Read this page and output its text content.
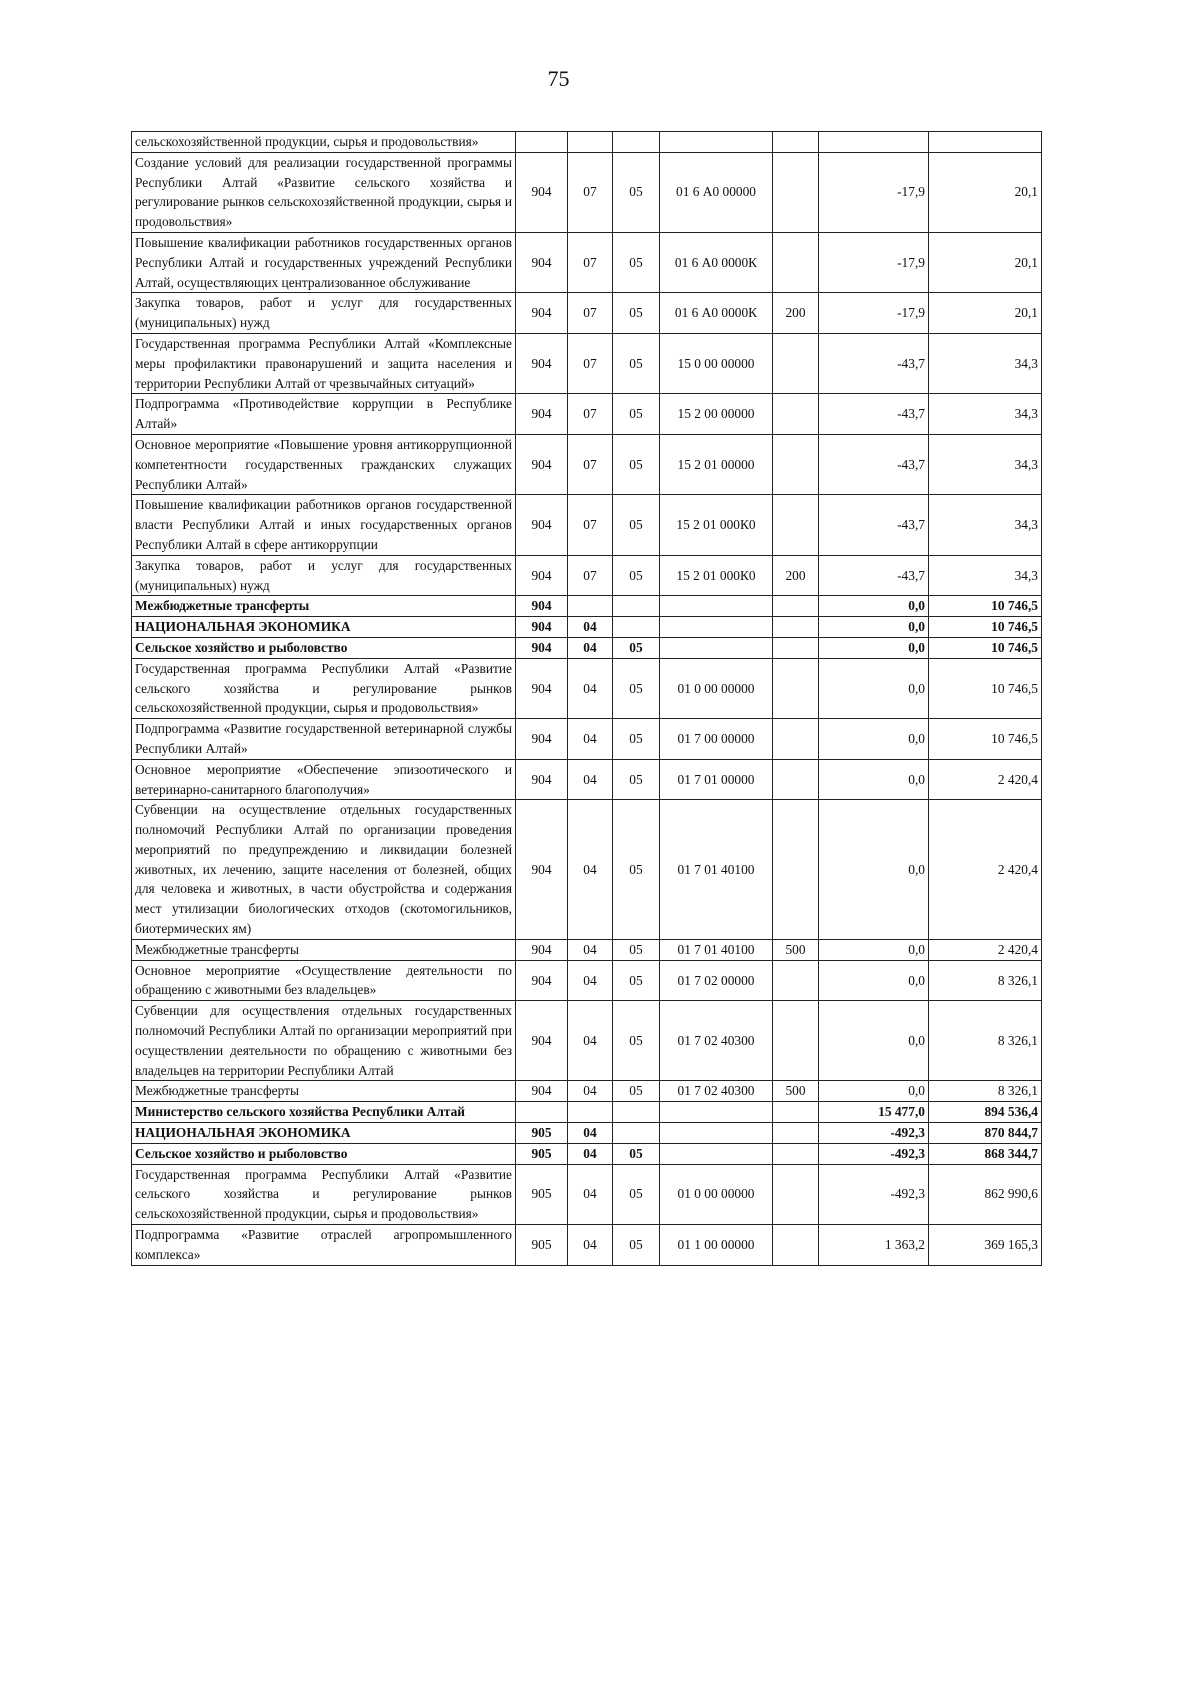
75
сельскохозяйственной продукции, сырья и продовольствия»							
Создание условий для реализации государственной программы Республики Алтай «Развитие сельского хозяйства и регулирование рынков сельскохозяйственной продукции, сырья и продовольствия»	904	07	05	01 6 А0 00000		-17,9	20,1
Повышение квалификации работников государственных органов Республики Алтай и государственных учреждений Республики Алтай, осуществляющих централизованное обслуживание	904	07	05	01 6 А0 0000К		-17,9	20,1
Закупка товаров, работ и услуг для государственных (муниципальных) нужд	904	07	05	01 6 А0 0000К	200	-17,9	20,1
Государственная программа Республики Алтай «Комплексные меры профилактики правонарушений и защита населения и территории Республики Алтай от чрезвычайных ситуаций»	904	07	05	15 0 00 00000		-43,7	34,3
Подпрограмма «Противодействие коррупции в Республике Алтай»	904	07	05	15 2 00 00000		-43,7	34,3
Основное мероприятие «Повышение уровня антикоррупционной компетентности государственных гражданских служащих Республики Алтай»	904	07	05	15 2 01 00000		-43,7	34,3
Повышение квалификации работников органов государственной власти Республики Алтай и иных государственных органов Республики Алтай в сфере антикоррупции	904	07	05	15 2 01 000К0		-43,7	34,3
Закупка товаров, работ и услуг для государственных (муниципальных) нужд	904	07	05	15 2 01 000К0	200	-43,7	34,3
Межбюджетные трансферты	904					0,0	10 746,5
НАЦИОНАЛЬНАЯ ЭКОНОМИКА	904	04				0,0	10 746,5
Сельское хозяйство и рыболовство	904	04	05			0,0	10 746,5
Государственная программа Республики Алтай «Развитие сельского хозяйства и регулирование рынков сельскохозяйственной продукции, сырья и продовольствия»	904	04	05	01 0 00 00000		0,0	10 746,5
Подпрограмма «Развитие государственной ветеринарной службы Республики Алтай»	904	04	05	01 7 00 00000		0,0	10 746,5
Основное мероприятие «Обеспечение эпизоотического и ветеринарно-санитарного благополучия»	904	04	05	01 7 01 00000		0,0	2 420,4
Субвенции на осуществление отдельных государственных полномочий Республики Алтай по организации проведения мероприятий по предупреждению и ликвидации болезней животных, их лечению, защите населения от болезней, общих для человека и животных, в части обустройства и содержания мест утилизации биологических отходов (скотомогильников, биотермических ям)	904	04	05	01 7 01 40100		0,0	2 420,4
Межбюджетные трансферты	904	04	05	01 7 01 40100	500	0,0	2 420,4
Основное мероприятие «Осуществление деятельности по обращению с животными без владельцев»	904	04	05	01 7 02 00000		0,0	8 326,1
Субвенции для осуществления отдельных государственных полномочий Республики Алтай по организации мероприятий при осуществлении деятельности по обращению с животными без владельцев на территории Республики Алтай	904	04	05	01 7 02 40300		0,0	8 326,1
Межбюджетные трансферты	904	04	05	01 7 02 40300	500	0,0	8 326,1
Министерство сельского хозяйства Республики Алтай						15 477,0	894 536,4
НАЦИОНАЛЬНАЯ ЭКОНОМИКА	905	04				-492,3	870 844,7
Сельское хозяйство и рыболовство	905	04	05			-492,3	868 344,7
Государственная программа Республики Алтай «Развитие сельского хозяйства и регулирование рынков сельскохозяйственной продукции, сырья и продовольствия»	905	04	05	01 0 00 00000		-492,3	862 990,6
Подпрограмма «Развитие отраслей агропромышленного комплекса»	905	04	05	01 1 00 00000		1 363,2	369 165,3
